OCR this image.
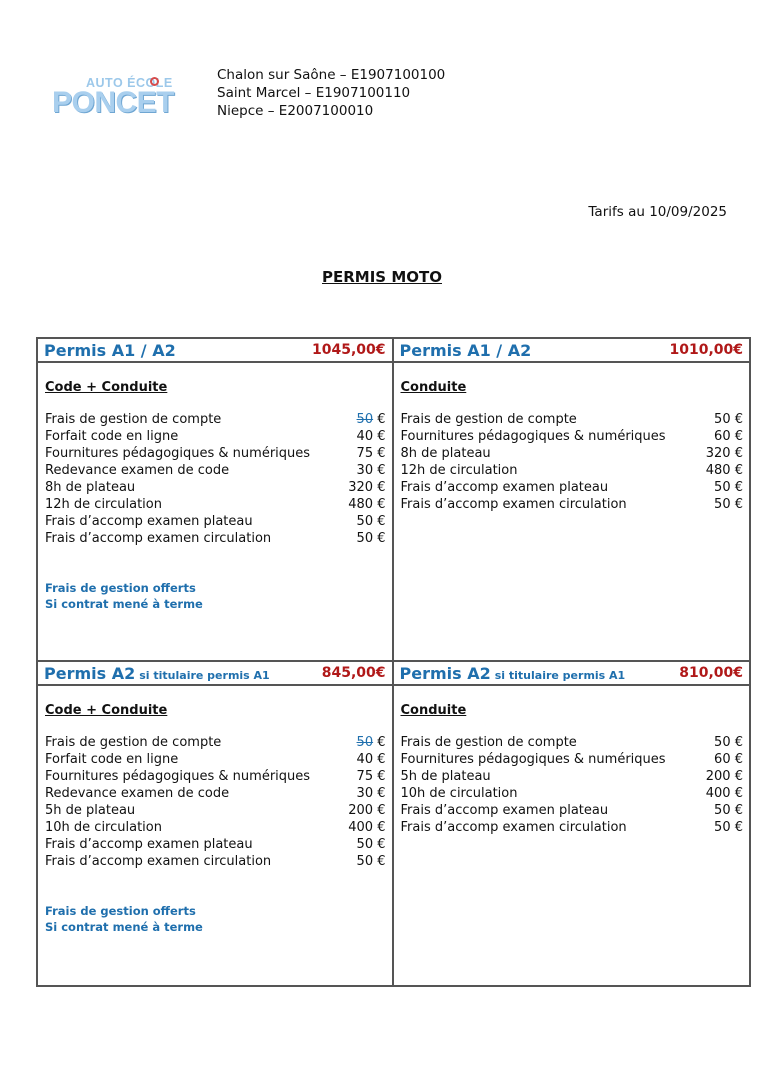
AUTO ÉCOLE
PONCET
Chalon sur Saône – E1907100100
Saint Marcel – E1907100110
Niepce – E2007100010
Tarifs au 10/09/2025
PERMIS MOTO
Permis A1 / A2	1045,00€
Code + Conduite
Frais de gestion de compte	50 €
Forfait code en ligne	40 €
Fournitures pédagogiques & numériques	75 €
Redevance examen de code	30 €
8h de plateau	320 €
12h de circulation	480 €
Frais d’accomp examen plateau	50 €
Frais d’accomp examen circulation	50 €
Frais de gestion offerts
Si contrat mené à terme
Permis A1 / A2	1010,00€
Conduite
Frais de gestion de compte	50 €
Fournitures pédagogiques & numériques	60 €
8h de plateau	320 €
12h de circulation	480 €
Frais d’accomp examen plateau	50 €
Frais d’accomp examen circulation	50 €
Permis A2 si titulaire permis A1	845,00€
Code + Conduite
Frais de gestion de compte	50 €
Forfait code en ligne	40 €
Fournitures pédagogiques & numériques	75 €
Redevance examen de code	30 €
5h de plateau	200 €
10h de circulation	400 €
Frais d’accomp examen plateau	50 €
Frais d’accomp examen circulation	50 €
Frais de gestion offerts
Si contrat mené à terme
Permis A2 si titulaire permis A1	810,00€
Conduite
Frais de gestion de compte	50 €
Fournitures pédagogiques & numériques	60 €
5h de plateau	200 €
10h de circulation	400 €
Frais d’accomp examen plateau	50 €
Frais d’accomp examen circulation	50 €
